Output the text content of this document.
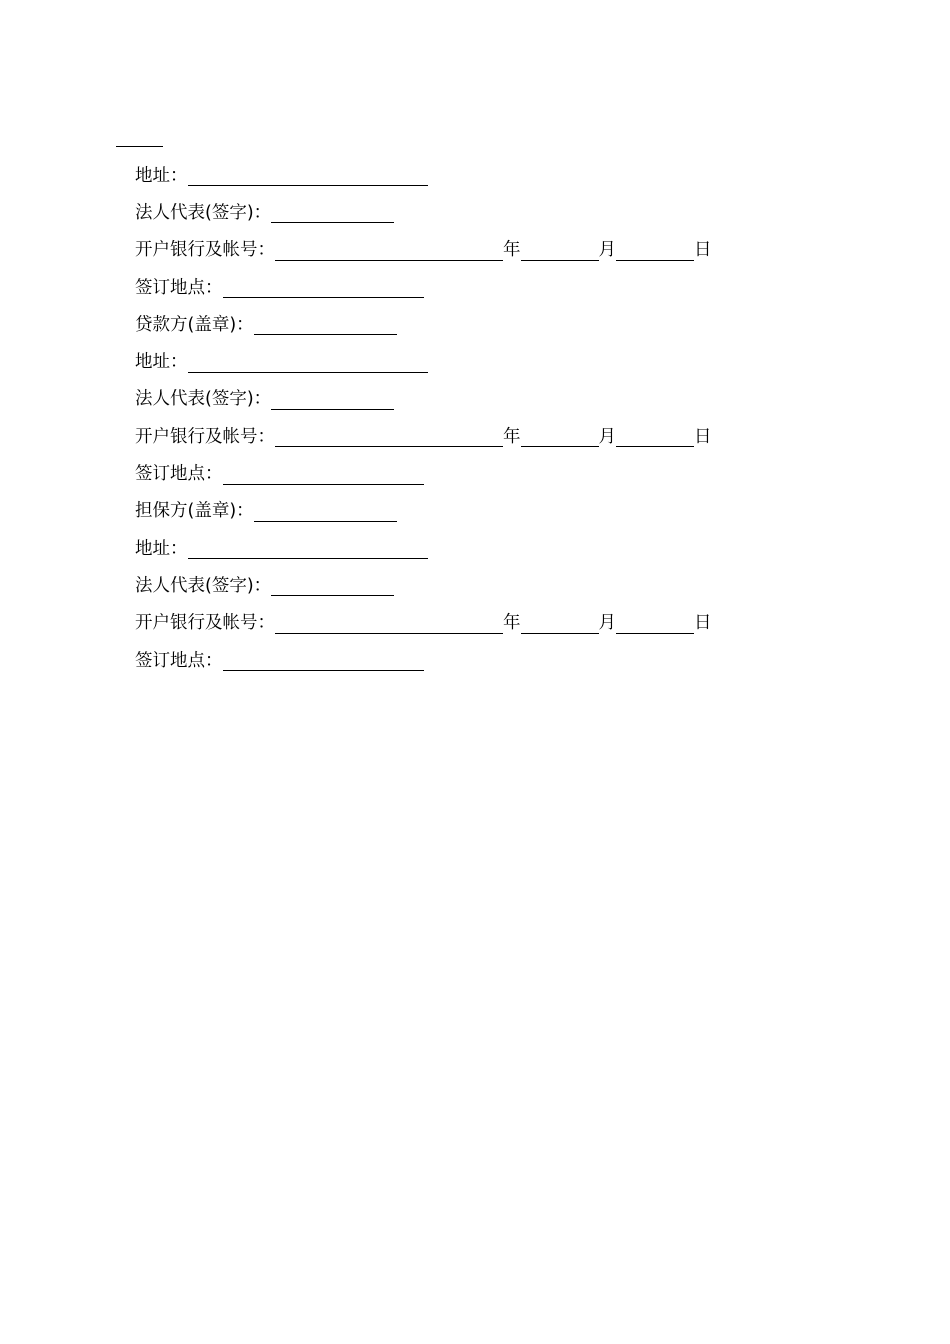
地址：
法人代表(签字)：
开户银行及帐号：	年	月	日
签订地点：
贷款方(盖章)：
地址：
法人代表(签字)：
开户银行及帐号：	年	月	日
签订地点：
担保方(盖章)：
地址：
法人代表(签字)：
开户银行及帐号：	年	月	日
签订地点：
